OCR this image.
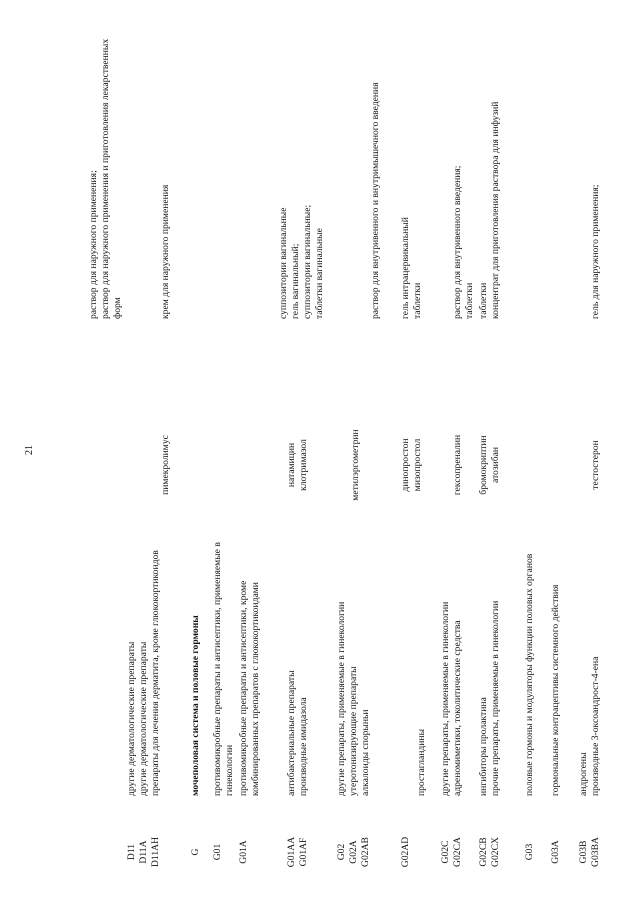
21
D11 D11A D11AH
другие дерматологические препараты другие дерматологические препараты препараты для лечения дерматита, кроме глюкокортикоидов
раствор для наружного применения; раствор для наружного применения и приготовления лекарственных форм
пимекролимус
крем для наружного применения
G
мочеполовая система и половые гормоны
G01
противомикробные препараты и антисептики, применяемые в гинекологии
G01A
противомикробные препараты и антисептики, кроме комбинированных препаратов с глюкокортикоидами
G01AA G01AF
антибактериальные препараты производные имидазола
натамицин клотримазол
суппозитории вагинальные гель вагинальный; суппозитории вагинальные; таблетки вагинальные
G02 G02A G02AB
другие препараты, применяемые в гинекологии утеротонизирующие препараты алкалоиды спорыньи
метилэргометрин
раствор для внутривенного и внутримышечного введения
G02AD
простагландины
динопростон мизопростол
гель интрацервикальный таблетки
G02C G02CA
другие препараты, применяемые в гинекологии адреномиметики, токолитические средства
гексопреналин
раствор для внутривенного введения; таблетки
G02CB G02CX
ингибиторы пролактина прочие препараты, применяемые в гинекологии
бромокриптин атозибан
таблетки концентрат для приготовления раствора для инфузий
G03
половые гормоны и модуляторы функции половых органов
G03A
гормональные контрацептивы системного действия
G03B G03BA
андрогены производные 3-оксоандрост-4-ена
тестостерон
гель для наружного применения;
